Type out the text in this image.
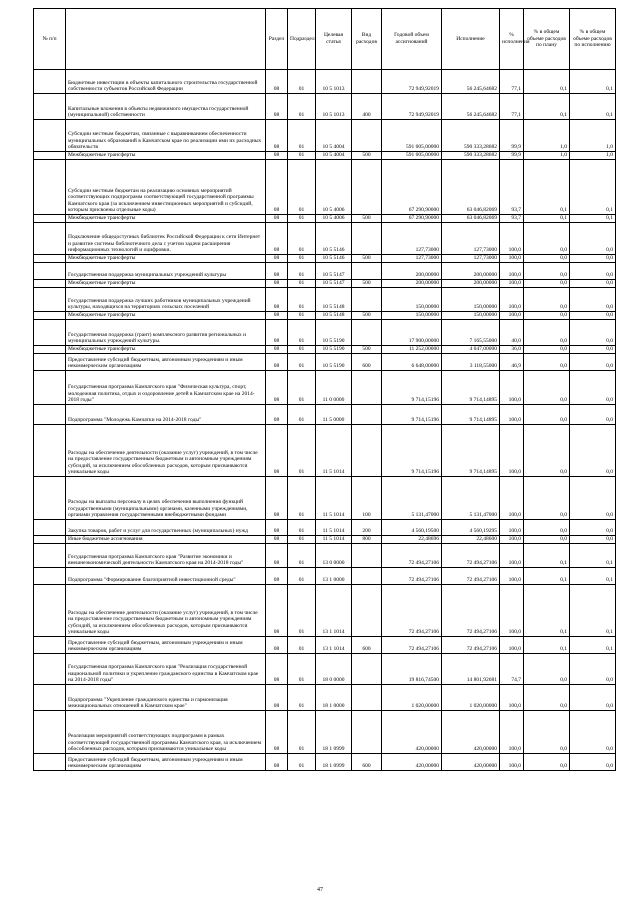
№ п/п		Раздел	Подраздел	Целевая статья	Вид расходов	Годовой объем ассигнований	Исполнение	% исполнения	% в общем объеме расходов по плану	% в общем объеме расходов по исполнению
	Бюджетные инвестиции в объекты капитального строительства государственной собственности субъектов Российской Федерации	08	01	10 5 1013		72 949,92019	56 245,64682	77,1	0,1	0,1
	Капитальные вложения в объекты недвижимого имущества государственной (муниципальной) собственности	08	01	10 5 1013	400	72 949,92019	56 245,64682	77,1	0,1	0,1
	Субсидии местным бюджетам, связанные с выравниванием обеспеченности муниципальных образований в Камчатском крае по реализации ими их расходных обязательств	08	01	10 5 4004		591 005,00000	590 333,28682	99,9	1,0	1,0
	Межбюджетные трансферты	08	01	10 5 4004	500	591 005,00000	590 333,28682	99,9	1,0	1,0
	Субсидии местным бюджетам на реализацию основных мероприятий соответствующих подпрограмм соответствующей государственной программы Камчатского края (за исключением инвестиционных мероприятий и субсидий, которым присвоены отдельные коды)	08	01	10 5 4006		67 290,90000	63 046,82069	93,7	0,1	0,1
	Межбюджетные трансферты	08	01	10 5 4006	500	67 290,90000	63 046,82069	93,7	0,1	0,1
	Подключение общедоступных библиотек Российской Федерации к сети Интернет и развитие системы библиотечного дела с учетом задачи расширения информационных технологий и оцифровки.	08	01	10 5 5146		127,73000	127,73000	100,0	0,0	0,0
	Межбюджетные трансферты	08	01	10 5 5146	500	127,73000	127,73000	100,0	0,0	0,0
	Государственная поддержка муниципальных учреждений культуры	08	01	10 5 5147		200,00000	200,00000	100,0	0,0	0,0
	Межбюджетные трансферты	08	01	10 5 5147	500	200,00000	200,00000	100,0	0,0	0,0
	Государственная поддержка лучших работников муниципальных учреждений культуры, находящихся на территориях сельских поселений	08	01	10 5 5148		150,00000	150,00000	100,0	0,0	0,0
	Межбюджетные трансферты	08	01	10 5 5148	500	150,00000	150,00000	100,0	0,0	0,0
	Государственная поддержка (грант) комплексного развития региональных и муниципальных учреждений культуры.	08	01	10 5 5190		17 900,00000	7 165,55000	40,0	0,0	0,0
	Межбюджетные трансферты	08	01	10 5 5190	500	11 252,00000	4 047,00000	36,0	0,0	0,0
	Предоставление субсидий бюджетным, автономным учреждениям и иным некоммерческим организациям	08	01	10 5 5190	600	6 648,00000	3 118,55000	46,9	0,0	0,0
	Государственная программа Камчатского края "Физическая культура, спорт, молодежная политика, отдых и оздоровление детей в Камчатском крае на 2014-2018 годы"	08	01	11 0 0000		9 714,15196	9 714,14895	100,0	0,0	0,0
	Подпрограмма "Молодежь Камчатки на 2014-2018 годы"	08	01	11 5 0000		9 714,15196	9 714,14895	100,0	0,0	0,0
	Расходы на обеспечение деятельности (оказание услуг) учреждений, в том числе на предоставление государственным бюджетным и автономным учреждениям субсидий, за исключением обособленных расходов, которым присваиваются уникальные коды	08	01	11 5 1014		9 714,15196	9 714,14895	100,0	0,0	0,0
	Расходы на выплаты персоналу в целях обеспечения выполнения функций государственными (муниципальными) органами, казенными учреждениями, органами управления государственными внебюджетными фондами	08	01	11 5 1014	100	5 131,47000	5 131,47000	100,0	0,0	0,0
	Закупка товаров, работ и услуг для государственных (муниципальных) нужд	08	01	11 5 1014	200	4 560,19500	4 560,19295	100,0	0,0	0,0
	Иные бюджетные ассигнования	08	01	11 5 1014	800	22,48696	22,48600	100,0	0,0	0,0
	Государственная программа Камчатского края "Развитие экономики и внешнеэкономической деятельности Камчатского края на 2014-2018 годы"	08	01	13 0 0000		72 494,27106	72 494,27106	100,0	0,1	0,1
	Подпрограмма "Формирование благоприятной инвестиционной среды"	08	01	13 1 0000		72 494,27106	72 494,27106	100,0	0,1	0,1
	Расходы на обеспечение деятельности (оказание услуг) учреждений, в том числе на предоставление государственным бюджетным и автономным учреждениям субсидий, за исключением обособленных расходов, которым присваиваются уникальные коды	08	01	13 1 1014		72 494,27106	72 494,27106	100,0	0,1	0,1
	Предоставление субсидий бюджетным, автономным учреждениям и иным некоммерческим организациям	08	01	13 1 1014	600	72 494,27106	72 494,27106	100,0	0,1	0,1
	Государственная программа Камчатского края "Реализация государственной национальной политики и укрепление гражданского единства в Камчатском крае на 2014-2018 годы"	08	01	18 0 0000		19 816,74500	14 801,92681	74,7	0,0	0,0
	Подпрограмма "Укрепление гражданского единства и гармонизация межнациональных отношений в Камчатском крае"	08	01	18 1 0000		1 020,00000	1 020,00000	100,0	0,0	0,0
	Реализация мероприятий соответствующих подпрограмм в рамках соответствующей государственной программы Камчатского края, за исключением обособленных расходов, которым присваиваются уникальные коды	08	01	18 1 0999		420,00000	420,00000	100,0	0,0	0,0
	Предоставление субсидий бюджетным, автономным учреждениям и иным некоммерческим организациям	08	01	18 1 0999	600	420,00000	420,00000	100,0	0,0	0,0
47
